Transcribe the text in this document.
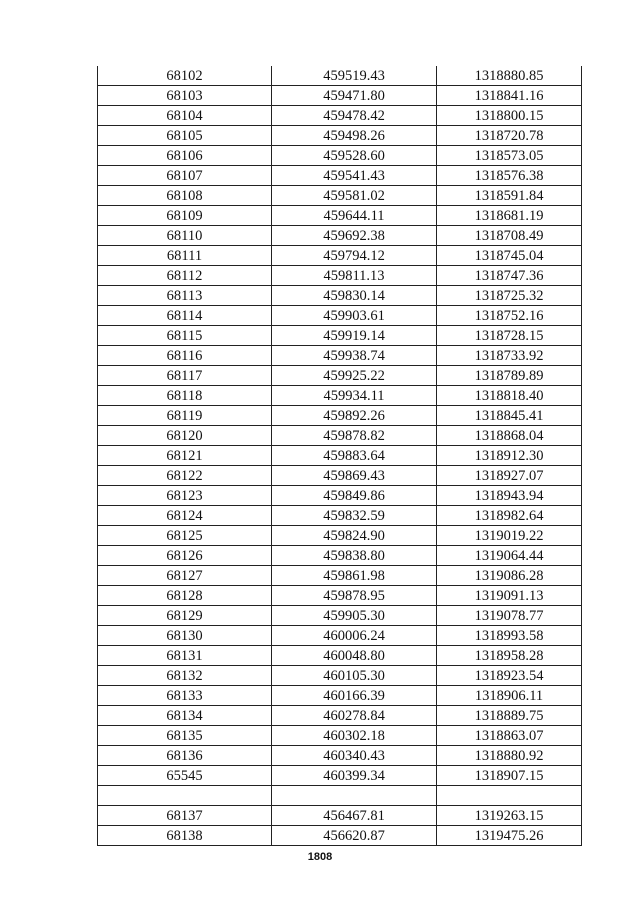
68102	459519.43	1318880.85
68103	459471.80	1318841.16
68104	459478.42	1318800.15
68105	459498.26	1318720.78
68106	459528.60	1318573.05
68107	459541.43	1318576.38
68108	459581.02	1318591.84
68109	459644.11	1318681.19
68110	459692.38	1318708.49
68111	459794.12	1318745.04
68112	459811.13	1318747.36
68113	459830.14	1318725.32
68114	459903.61	1318752.16
68115	459919.14	1318728.15
68116	459938.74	1318733.92
68117	459925.22	1318789.89
68118	459934.11	1318818.40
68119	459892.26	1318845.41
68120	459878.82	1318868.04
68121	459883.64	1318912.30
68122	459869.43	1318927.07
68123	459849.86	1318943.94
68124	459832.59	1318982.64
68125	459824.90	1319019.22
68126	459838.80	1319064.44
68127	459861.98	1319086.28
68128	459878.95	1319091.13
68129	459905.30	1319078.77
68130	460006.24	1318993.58
68131	460048.80	1318958.28
68132	460105.30	1318923.54
68133	460166.39	1318906.11
68134	460278.84	1318889.75
68135	460302.18	1318863.07
68136	460340.43	1318880.92
65545	460399.34	1318907.15

68137	456467.81	1319263.15
68138	456620.87	1319475.26
1808
